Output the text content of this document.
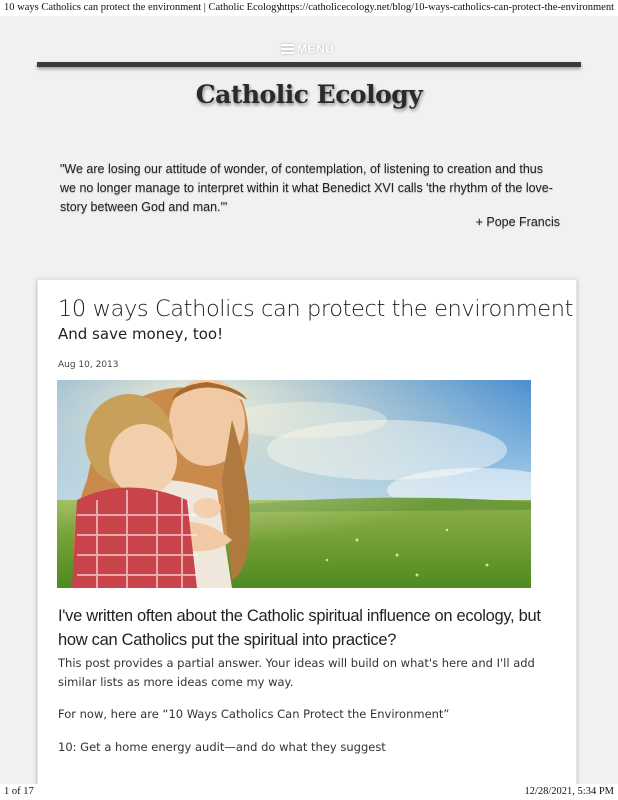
10 ways Catholics can protect the environment | Catholic Ecology
https://catholicecology.net/blog/10-ways-catholics-can-protect-the-environment
MENU
Catholic Ecology
"We are losing our attitude of wonder, of contemplation, of listening to creation and thus we no longer manage to interpret within it what Benedict XVI calls 'the rhythm of the love-story between God and man.'"
+ Pope Francis
10 ways Catholics can protect the environment
And save money, too!
Aug 10, 2013
I've written often about the Catholic spiritual influence on ecology, but how can Catholics put the spiritual into practice?
This post provides a partial answer. Your ideas will build on what's here and I'll add similar lists as more ideas come my way.
For now, here are “10 Ways Catholics Can Protect the Environment”
10: Get a home energy audit—and do what they suggest
1 of 17	12/28/2021, 5:34 PM
